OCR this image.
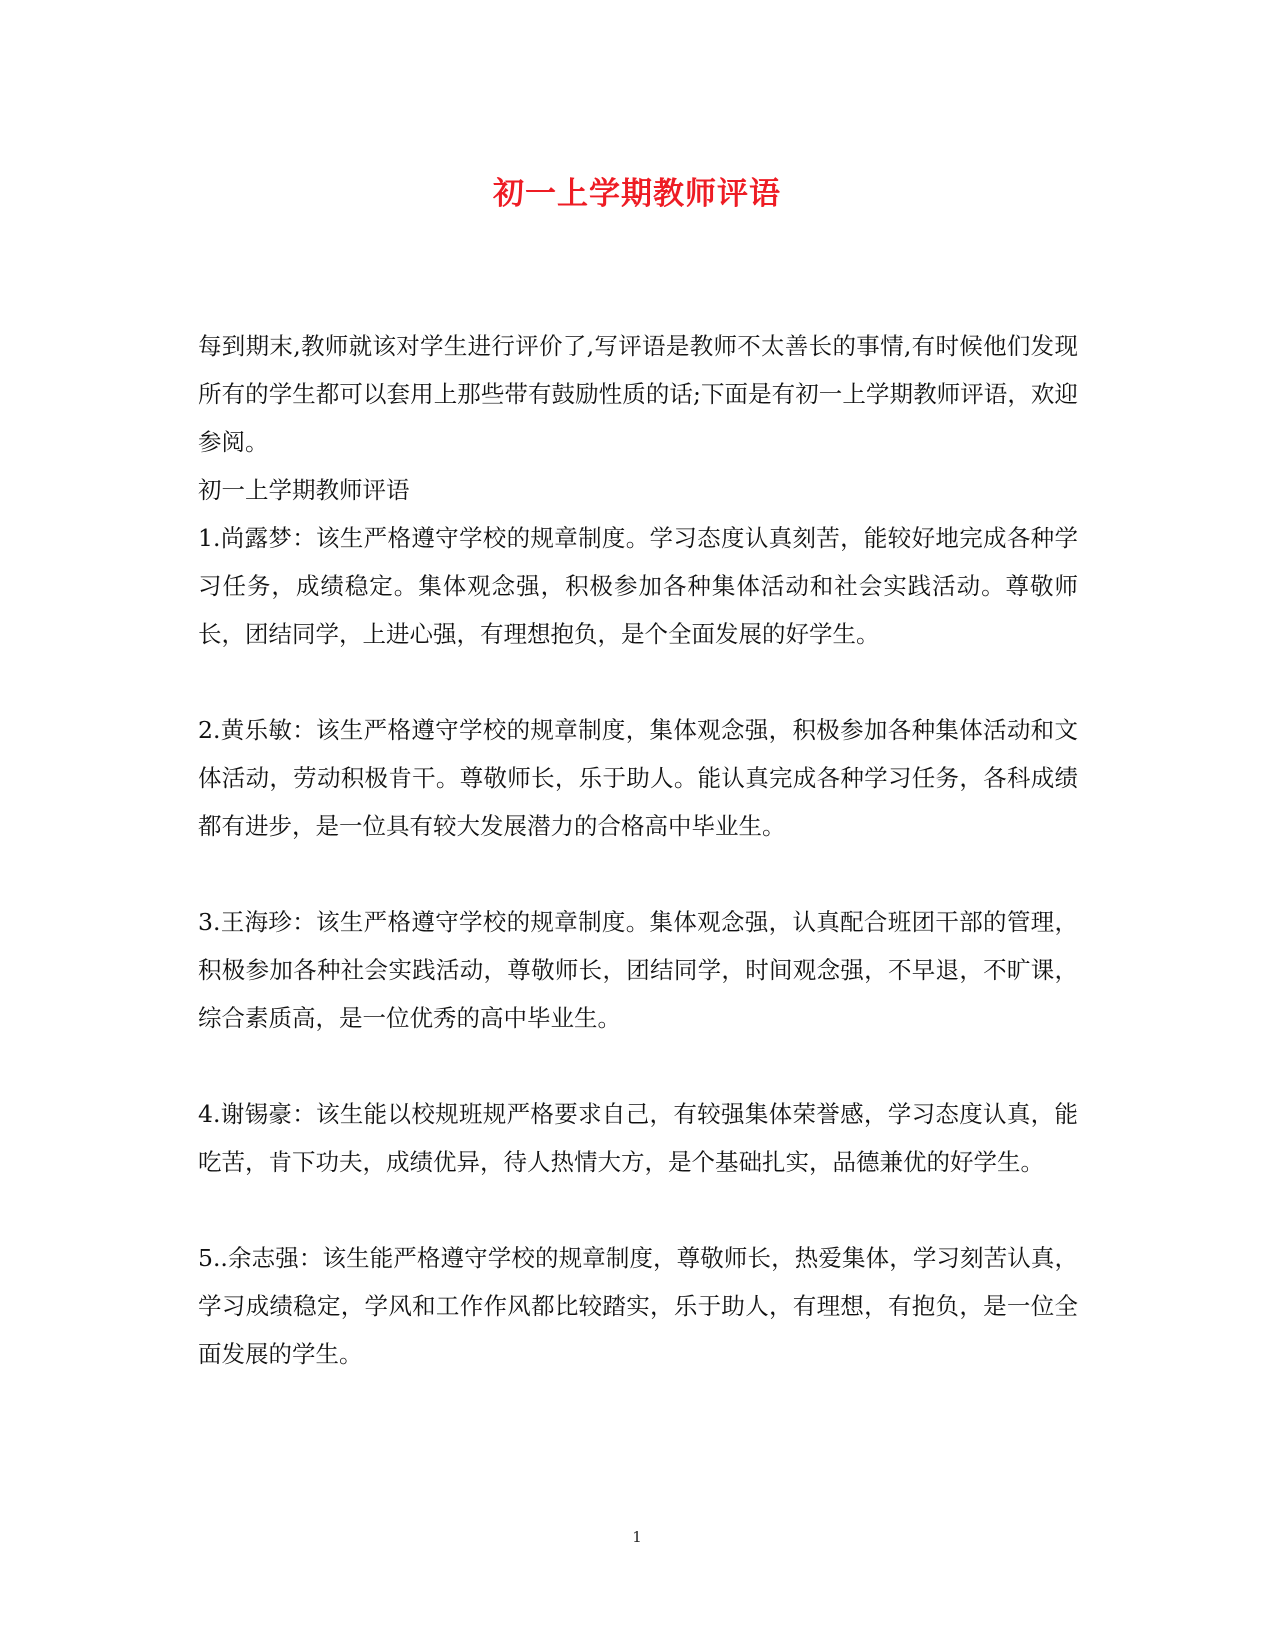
初一上学期教师评语

每到期末,教师就该对学生进行评价了,写评语是教师不太善长的事情,有时候他们发现所有的学生都可以套用上那些带有鼓励性质的话;下面是有初一上学期教师评语，欢迎参阅。

初一上学期教师评语

1.尚露梦：该生严格遵守学校的规章制度。学习态度认真刻苦，能较好地完成各种学习任务，成绩稳定。集体观念强，积极参加各种集体活动和社会实践活动。尊敬师长，团结同学，上进心强，有理想抱负，是个全面发展的好学生。

2.黄乐敏：该生严格遵守学校的规章制度，集体观念强，积极参加各种集体活动和文体活动，劳动积极肯干。尊敬师长，乐于助人。能认真完成各种学习任务，各科成绩都有进步，是一位具有较大发展潜力的合格高中毕业生。

3.王海珍：该生严格遵守学校的规章制度。集体观念强，认真配合班团干部的管理，积极参加各种社会实践活动，尊敬师长，团结同学，时间观念强，不早退，不旷课，综合素质高，是一位优秀的高中毕业生。

4.谢锡豪：该生能以校规班规严格要求自己，有较强集体荣誉感，学习态度认真，能吃苦，肯下功夫，成绩优异，待人热情大方，是个基础扎实，品德兼优的好学生。

5..余志强：该生能严格遵守学校的规章制度，尊敬师长，热爱集体，学习刻苦认真，学习成绩稳定，学风和工作作风都比较踏实，乐于助人，有理想，有抱负，是一位全面发展的学生。

1
